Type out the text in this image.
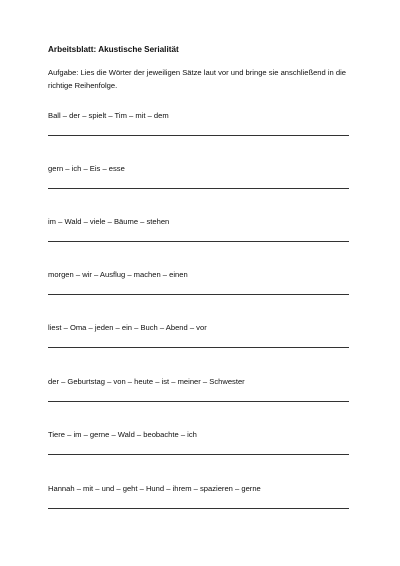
Arbeitsblatt: Akustische Serialität
Aufgabe: Lies die Wörter der jeweiligen Sätze laut vor und bringe sie anschließend in die richtige Reihenfolge.
Ball – der – spielt – Tim – mit – dem
gern – ich – Eis – esse
im – Wald – viele – Bäume – stehen
morgen – wir – Ausflug – machen – einen
liest – Oma – jeden – ein – Buch – Abend – vor
der – Geburtstag – von – heute – ist – meiner – Schwester
Tiere – im – gerne – Wald – beobachte – ich
Hannah – mit – und – geht – Hund – ihrem – spazieren – gerne
